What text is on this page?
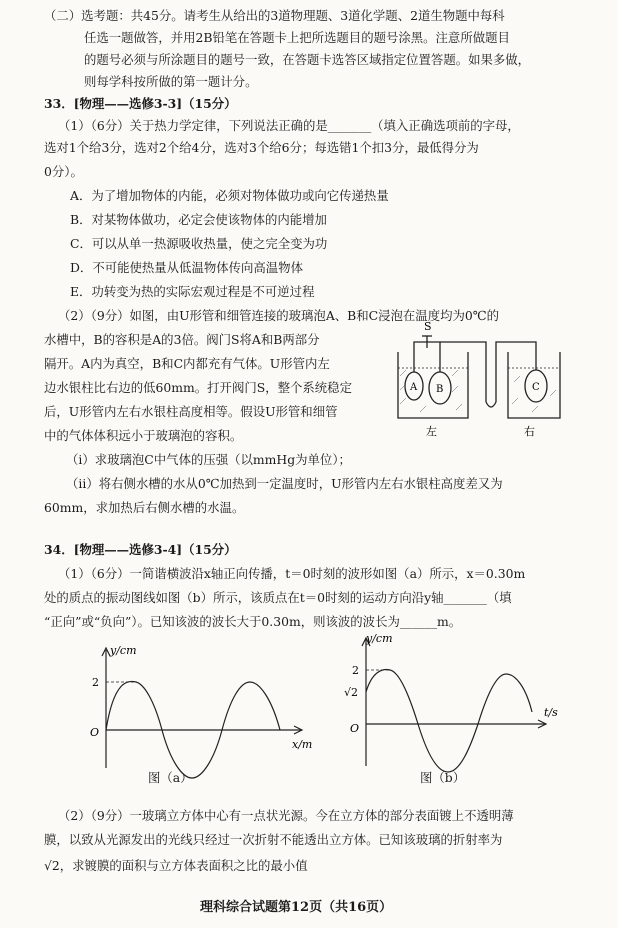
（二）选考题：共45分。请考生从给出的3道物理题、3道化学题、2道生物题中每科
任选一题做答，并用2B铅笔在答题卡上把所选题目的题号涂黑。注意所做题目
的题号必须与所涂题目的题号一致，在答题卡选答区域指定位置答题。如果多做，
则每学科按所做的第一题计分。
33．[物理——选修3-3]（15分）
（1）（6分）关于热力学定律，下列说法正确的是_______（填入正确选项前的字母，
选对1个给3分，选对2个给4分，选对3个给6分；每选错1个扣3分，最低得分为
0分）。
A．为了增加物体的内能，必须对物体做功或向它传递热量
B．对某物体做功，必定会使该物体的内能增加
C．可以从单一热源吸收热量，使之完全变为功
D．不可能使热量从低温物体传向高温物体
E．功转变为热的实际宏观过程是不可逆过程
（2）（9分）如图，由U形管和细管连接的玻璃泡A、B和C浸泡在温度均为0℃的
水槽中，B的容积是A的3倍。阀门S将A和B两部分
隔开。A内为真空，B和C内都充有气体。U形管内左
边水银柱比右边的低60mm。打开阀门S，整个系统稳定
后，U形管内左右水银柱高度相等。假设U形管和细管
中的气体体积远小于玻璃泡的容积。
（i）求玻璃泡C中气体的压强（以mmHg为单位）；
（ii）将右侧水槽的水从0℃加热到一定温度时，U形管内左右水银柱高度差又为
60mm，求加热后右侧水槽的水温。
S
A B	C
左	右
34．[物理——选修3-4]（15分）
（1）（6分）一简谐横波沿x轴正向传播，t＝0时刻的波形如图（a）所示，x＝0.30m
处的质点的振动图线如图（b）所示，该质点在t＝0时刻的运动方向沿y轴_______（填
“正向”或“负向”）。已知该波的波长大于0.30m，则该波的波长为______m。
y/cm
2
O
x/m
图（a）
y/cm
2
√2
O
t/s
图（b）
（2）（9分）一玻璃立方体中心有一点状光源。今在立方体的部分表面镀上不透明薄
膜，以致从光源发出的光线只经过一次折射不能透出立方体。已知该玻璃的折射率为
√2，求镀膜的面积与立方体表面积之比的最小值
理科综合试题第12页（共16页）
